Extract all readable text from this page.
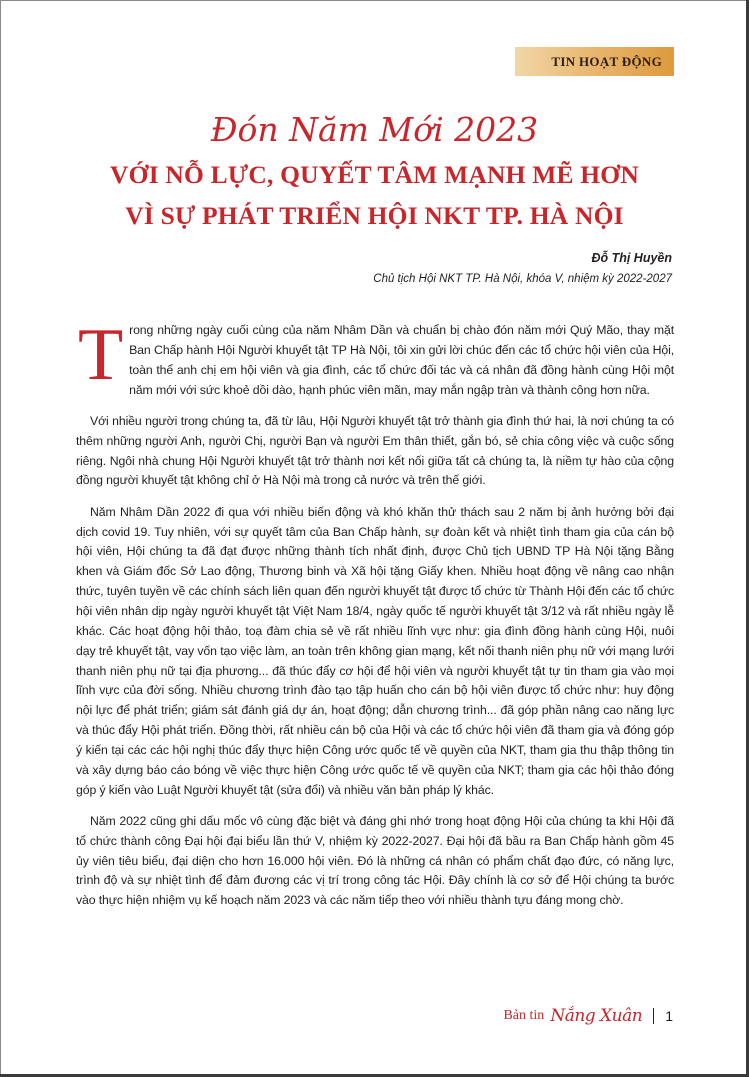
TIN HOẠT ĐỘNG
Đón Năm Mới 2023
VỚI NỖ LỰC, QUYẾT TÂM MẠNH MẼ HƠN
VÌ SỰ PHÁT TRIỂN HỘI NKT TP. HÀ NỘI
Đỗ Thị Huyền
Chủ tịch Hội NKT TP. Hà Nội, khóa V, nhiệm kỳ 2022-2027

Trong những ngày cuối cùng của năm Nhâm Dần và chuẩn bị chào đón năm mới Quý Mão, thay mặt Ban Chấp hành Hội Người khuyết tật TP Hà Nội, tôi xin gửi lời chúc đến các tổ chức hội viên của Hội, toàn thể anh chị em hội viên và gia đình, các tổ chức đối tác và cá nhân đã đồng hành cùng Hội một năm mới với sức khoẻ dồi dào, hạnh phúc viên mãn, may mắn ngập tràn và thành công hơn nữa.

Với nhiều người trong chúng ta, đã từ lâu, Hội Người khuyết tật trở thành gia đình thứ hai, là nơi chúng ta có thêm những người Anh, người Chị, người Bạn và người Em thân thiết, gắn bó, sẻ chia công việc và cuộc sống riêng. Ngôi nhà chung Hội Người khuyết tật trở thành nơi kết nối giữa tất cả chúng ta, là niềm tự hào của cộng đồng người khuyết tật không chỉ ở Hà Nội mà trong cả nước và trên thế giới.

Năm Nhâm Dần 2022 đi qua với nhiều biến động và khó khăn thử thách sau 2 năm bị ảnh hưởng bởi đại dịch covid 19. Tuy nhiên, với sự quyết tâm của Ban Chấp hành, sự đoàn kết và nhiệt tình tham gia của cán bộ hội viên, Hội chúng ta đã đạt được những thành tích nhất định, được Chủ tịch UBND TP Hà Nội tặng Bằng khen và Giám đốc Sở Lao động, Thương binh và Xã hội tặng Giấy khen. Nhiều hoạt động về nâng cao nhận thức, tuyên tuyền về các chính sách liên quan đến người khuyết tật được tổ chức từ Thành Hội đến các tổ chức hội viên nhân dịp ngày người khuyết tật Việt Nam 18/4, ngày quốc tế người khuyết tật 3/12 và rất nhiều ngày lễ khác. Các hoạt động hội thảo, toạ đàm chia sẻ về rất nhiều lĩnh vực như: gia đình đồng hành cùng Hội, nuôi dạy trẻ khuyết tật, vay vốn tạo việc làm, an toàn trên không gian mạng, kết nối thanh niên phụ nữ với mạng lưới thanh niên phụ nữ tại địa phương... đã thúc đẩy cơ hội để hội viên và người khuyết tật tự tin tham gia vào mọi lĩnh vực của đời sống. Nhiều chương trình đào tạo tập huấn cho cán bộ hội viên được tổ chức như: huy động nội lực để phát triển; giám sát đánh giá dự án, hoạt động; dẫn chương trình... đã góp phần nâng cao năng lực và thúc đẩy Hội phát triển. Đồng thời, rất nhiều cán bộ của Hội và các tổ chức hội viên đã tham gia và đóng góp ý kiến tại các các hội nghị thúc đẩy thực hiện Công ước quốc tế về quyền của NKT, tham gia thu thập thông tin và xây dựng báo cáo bóng về việc thực hiện Công ước quốc tế về quyền của NKT; tham gia các hội thảo đóng góp ý kiến vào Luật Người khuyết tật (sửa đổi) và nhiều văn bản pháp lý khác.

Năm 2022 cũng ghi dấu mốc vô cùng đặc biệt và đáng ghi nhớ trong hoạt động Hội của chúng ta khi Hội đã tổ chức thành công Đại hội đại biểu lần thứ V, nhiệm kỳ 2022-2027. Đại hội đã bầu ra Ban Chấp hành gồm 45 ủy viên tiêu biểu, đại diện cho hơn 16.000 hội viên. Đó là những cá nhân có phẩm chất đạo đức, có năng lực, trình độ và sự nhiệt tình để đảm đương các vị trí trong công tác Hội. Đây chính là cơ sở để Hội chúng ta bước vào thực hiện nhiệm vụ kế hoạch năm 2023 và các năm tiếp theo với nhiều thành tựu đáng mong chờ.

Bản tin Nắng Xuân 1
